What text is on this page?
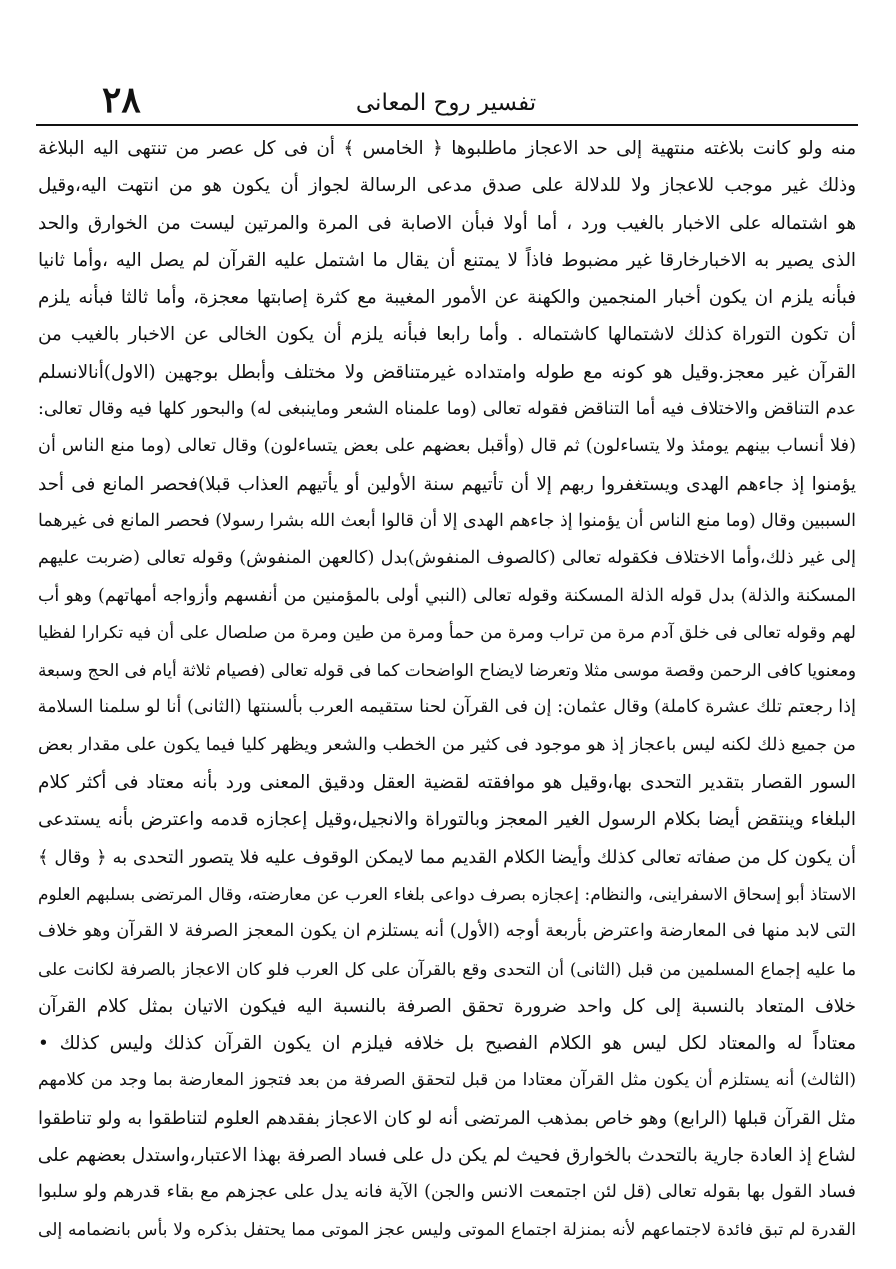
٢٨	تفسير روح المعانى
منه ولو كانت بلاغته منتهية إلى حد الاعجاز ماطلبوها ﴿ الخامس ﴾ أن فى كل عصر من تنتهى اليه البلاغة
وذلك غير موجب للاعجاز ولا للدلالة على صدق مدعى الرسالة لجواز أن يكون هو من انتهت اليه،وقيل
هو اشتماله على الاخبار بالغيب ورد ، أما أولا فبأن الاصابة فى المرة والمرتين ليست من الخوارق والحد
الذى يصير به الاخبارخارقا غير مضبوط فاذاً لا يمتنع أن يقال ما اشتمل عليه القرآن لم يصل اليه ،وأما ثانيا
فبأنه يلزم ان يكون أخبار المنجمين والكهنة عن الأمور المغيبة مع كثرة إصابتها معجزة، وأما ثالثا فبأنه يلزم
أن تكون التوراة كذلك لاشتمالها كاشتماله . وأما رابعا فبأنه يلزم أن يكون الخالى عن الاخبار بالغيب من
القرآن غير معجز.وقيل هو كونه مع طوله وامتداده غيرمتناقض ولا مختلف وأبطل بوجهين (الاول)أنالانسلم
عدم التناقض والاختلاف فيه أما التناقض فقوله تعالى (وما علمناه الشعر وماينبغى له) والبحور كلها فيه وقال تعالى:
(فلا أنساب بينهم يومئذ ولا يتساءلون) ثم قال (وأقبل بعضهم على بعض يتساءلون) وقال تعالى (وما منع الناس أن
يؤمنوا إذ جاءهم الهدى ويستغفروا ربهم إلا أن تأتيهم سنة الأولين أو يأتيهم العذاب قبلا)فحصر المانع فى أحد
السببين وقال (وما منع الناس أن يؤمنوا إذ جاءهم الهدى إلا أن قالوا أبعث الله بشرا رسولا) فحصر المانع فى غيرهما
إلى غير ذلك،وأما الاختلاف فكقوله تعالى (كالصوف المنفوش)بدل (كالعهن المنفوش) وقوله تعالى (ضربت عليهم
المسكنة والذلة) بدل قوله الذلة المسكنة وقوله تعالى (النبي أولى بالمؤمنين من أنفسهم وأزواجه أمهاتهم) وهو أب
لهم وقوله تعالى فى خلق آدم مرة من تراب ومرة من حمأ ومرة من طين ومرة من صلصال على أن فيه تكرارا لفظيا
ومعنويا كافى الرحمن وقصة موسى مثلا وتعرضا لايضاح الواضحات كما فى قوله تعالى (فصيام ثلاثة أيام فى الحج وسبعة
إذا رجعتم تلك عشرة كاملة) وقال عثمان: إن فى القرآن لحنا ستقيمه العرب بألسنتها (الثانى) أنا لو سلمنا السلامة
من جميع ذلك لكنه ليس باعجاز إذ هو موجود فى كثير من الخطب والشعر ويظهر كليا فيما يكون على مقدار بعض
السور القصار بتقدير التحدى بها،وقيل هو موافقته لقضية العقل ودقيق المعنى ورد بأنه معتاد فى أكثر كلام
البلغاء وينتقض أيضا بكلام الرسول الغير المعجز وبالتوراة والانجيل،وقيل إعجازه قدمه واعترض بأنه يستدعى
أن يكون كل من صفاته تعالى كذلك وأيضا الكلام القديم مما لايمكن الوقوف عليه فلا يتصور التحدى به ﴿ وقال ﴾
الاستاذ أبو إسحاق الاسفراينى، والنظام: إعجازه بصرف دواعى بلغاء العرب عن معارضته، وقال المرتضى بسلبهم العلوم
التى لابد منها فى المعارضة واعترض بأربعة أوجه (الأول) أنه يستلزم ان يكون المعجز الصرفة لا القرآن وهو خلاف
ما عليه إجماع المسلمين من قبل (الثانى) أن التحدى وقع بالقرآن على كل العرب فلو كان الاعجاز بالصرفة لكانت على
خلاف المتعاد بالنسبة إلى كل واحد ضرورة تحقق الصرفة بالنسبة اليه فيكون الاتيان بمثل كلام القرآن
معتاداً له والمعتاد لكل ليس هو الكلام الفصيح بل خلافه فيلزم ان يكون القرآن كذلك وليس كذلك •
(الثالث) أنه يستلزم أن يكون مثل القرآن معتادا من قبل لتحقق الصرفة من بعد فتجوز المعارضة بما وجد من كلامهم
مثل القرآن قبلها (الرابع) وهو خاص بمذهب المرتضى أنه لو كان الاعجاز بفقدهم العلوم لتناطقوا به ولو تناطقوا
لشاع إذ العادة جارية بالتحدث بالخوارق فحيث لم يكن دل على فساد الصرفة بهذا الاعتبار،واستدل بعضهم على
فساد القول بها بقوله تعالى (قل لئن اجتمعت الانس والجن) الآية فانه يدل على عجزهم مع بقاء قدرهم ولو سلبوا
القدرة لم تبق فائدة لاجتماعهم لأنه بمنزلة اجتماع الموتى وليس عجز الموتى مما يحتفل بذكره ولا بأس بانضمامه إلى
